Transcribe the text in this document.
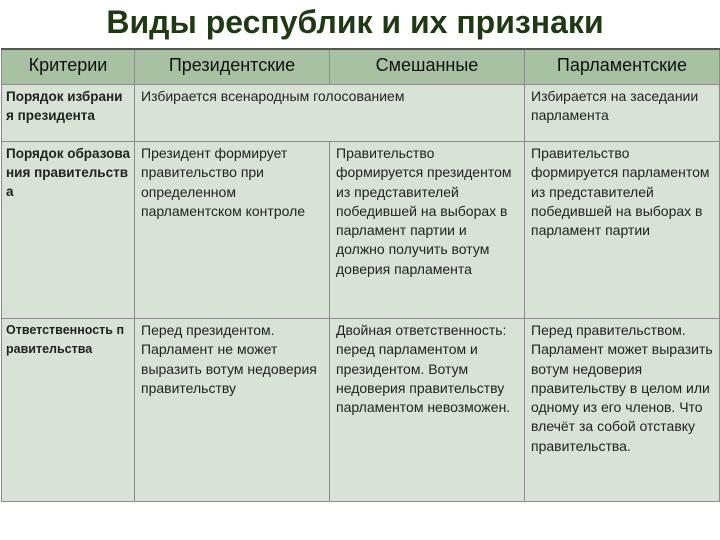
Виды республик и их признаки
Критерии	Президентские	Смешанные	Парламентские
Порядок избрания президента	Избирается всенародным голосованием		Избирается на заседании парламента
Порядок образования правительства	Президент формирует правительство при определенном парламентском контроле	Правительство формируется президентом из представителей победившей на выборах в парламент партии и должно получить вотум доверия парламента	Правительство формируется парламентом из представителей победившей на выборах в парламент партии
Ответственность правительства	Перед президентом. Парламент не может выразить вотум недоверия правительству	Двойная ответственность: перед парламентом и президентом. Вотум недоверия правительству парламентом невозможен.	Перед правительством. Парламент может выразить вотум недоверия правительству в целом или одному из его членов. Что влечёт за собой отставку правительства.
